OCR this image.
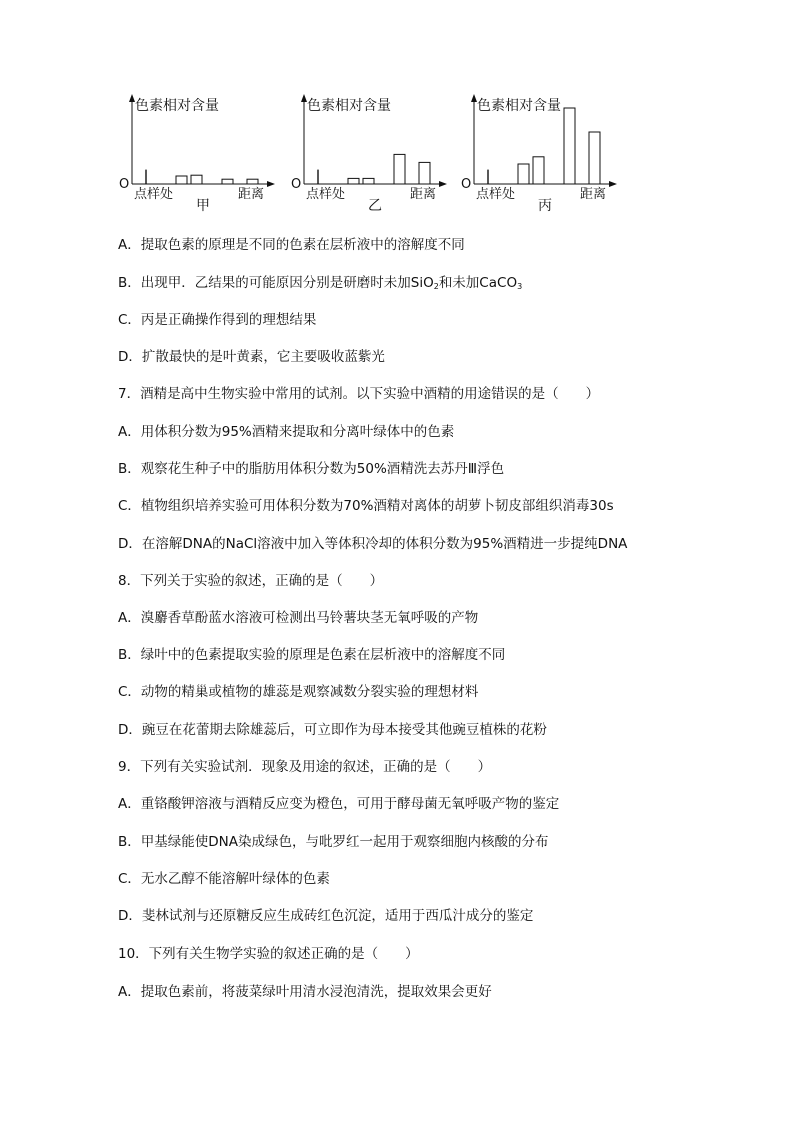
色素相对含量
O
点样处	距离
甲
色素相对含量
O
点样处	距离
乙
色素相对含量
O
点样处	距离
丙
A．提取色素的原理是不同的色素在层析液中的溶解度不同
B．出现甲．乙结果的可能原因分别是研磨时未加SiO$_2$和未加CaCO$_3$
C．丙是正确操作得到的理想结果
D．扩散最快的是叶黄素，它主要吸收蓝紫光
7．酒精是高中生物实验中常用的试剂。以下实验中酒精的用途错误的是（　　）
A．用体积分数为95%酒精来提取和分离叶绿体中的色素
B．观察花生种子中的脂肪用体积分数为50%酒精洗去苏丹Ⅲ浮色
C．植物组织培养实验可用体积分数为70%酒精对离体的胡萝卜韧皮部组织消毒30s
D．在溶解DNA的NaCl溶液中加入等体积冷却的体积分数为95%酒精进一步提纯DNA
8．下列关于实验的叙述，正确的是（　　）
A．溴麝香草酚蓝水溶液可检测出马铃薯块茎无氧呼吸的产物
B．绿叶中的色素提取实验的原理是色素在层析液中的溶解度不同
C．动物的精巢或植物的雄蕊是观察减数分裂实验的理想材料
D．豌豆在花蕾期去除雄蕊后，可立即作为母本接受其他豌豆植株的花粉
9．下列有关实验试剂．现象及用途的叙述，正确的是（　　）
A．重铬酸钾溶液与酒精反应变为橙色，可用于酵母菌无氧呼吸产物的鉴定
B．甲基绿能使DNA染成绿色，与吡罗红一起用于观察细胞内核酸的分布
C．无水乙醇不能溶解叶绿体的色素
D．斐林试剂与还原糖反应生成砖红色沉淀，适用于西瓜汁成分的鉴定
10．下列有关生物学实验的叙述正确的是（　　）
A．提取色素前，将菠菜绿叶用清水浸泡清洗，提取效果会更好
